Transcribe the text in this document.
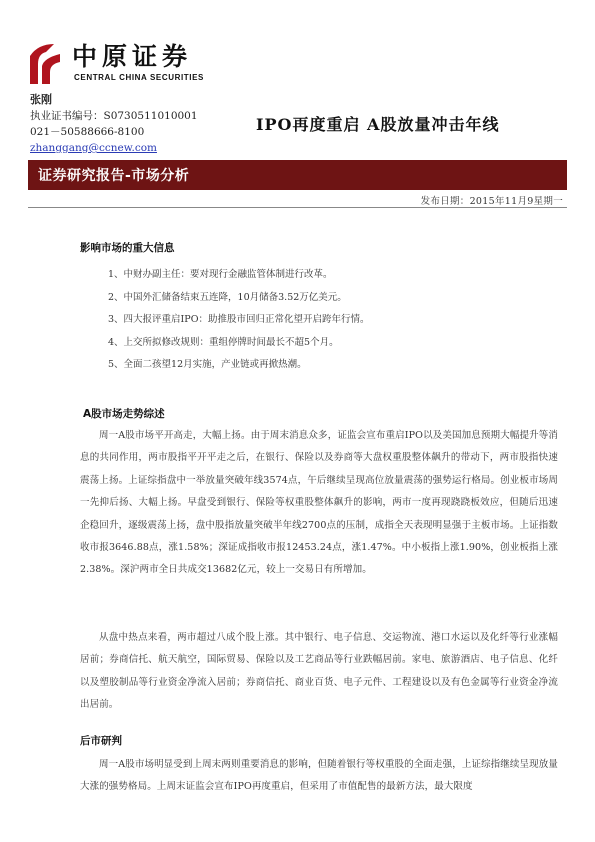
中原证券
CENTRAL CHINA SECURITIES
张刚
执业证书编号：S0730511010001
021－50588666-8100
zhanggang@ccnew.com
IPO再度重启 A股放量冲击年线
证券研究报告-市场分析
发布日期：2015年11月9星期一
影响市场的重大信息
1、中财办副主任：要对现行金融监管体制进行改革。
2、中国外汇储备结束五连降，10月储备3.52万亿美元。
3、四大报评重启IPO：助推股市回归正常化望开启跨年行情。
4、上交所拟修改规则：重组停牌时间最长不超5个月。
5、全面二孩望12月实施，产业链或再掀热潮。
A股市场走势综述

周一A股市场平开高走，大幅上扬。由于周末消息众多，证监会宣布重启IPO以及美国加息预期大幅提升等消息的共同作用，两市股指平开平走之后，在银行、保险以及券商等大盘权重股整体飙升的带动下，两市股指快速震荡上扬。上证综指盘中一举放量突破年线3574点，午后继续呈现高位放量震荡的强势运行格局。创业板市场周一先抑后扬、大幅上扬。早盘受到银行、保险等权重股整体飙升的影响，两市一度再现跷跷板效应，但随后迅速企稳回升，逐级震荡上扬，盘中股指放量突破半年线2700点的压制，成指全天表现明显强于主板市场。上证指数收市报3646.88点，涨1.58%；深证成指收市报12453.24点，涨1.47%。中小板指上涨1.90%，创业板指上涨2.38%。深沪两市全日共成交13682亿元，较上一交易日有所增加。

从盘中热点来看，两市超过八成个股上涨。其中银行、电子信息、交运物流、港口水运以及化纤等行业涨幅居前；券商信托、航天航空，国际贸易、保险以及工艺商品等行业跌幅居前。家电、旅游酒店、电子信息、化纤以及塑胶制品等行业资金净流入居前；券商信托、商业百货、电子元件、工程建设以及有色金属等行业资金净流出居前。

后市研判

周一A股市场明显受到上周末两则重要消息的影响，但随着银行等权重股的全面走强，上证综指继续呈现放量大涨的强势格局。上周末证监会宣布IPO再度重启，但采用了市值配售的最新方法，最大限度
